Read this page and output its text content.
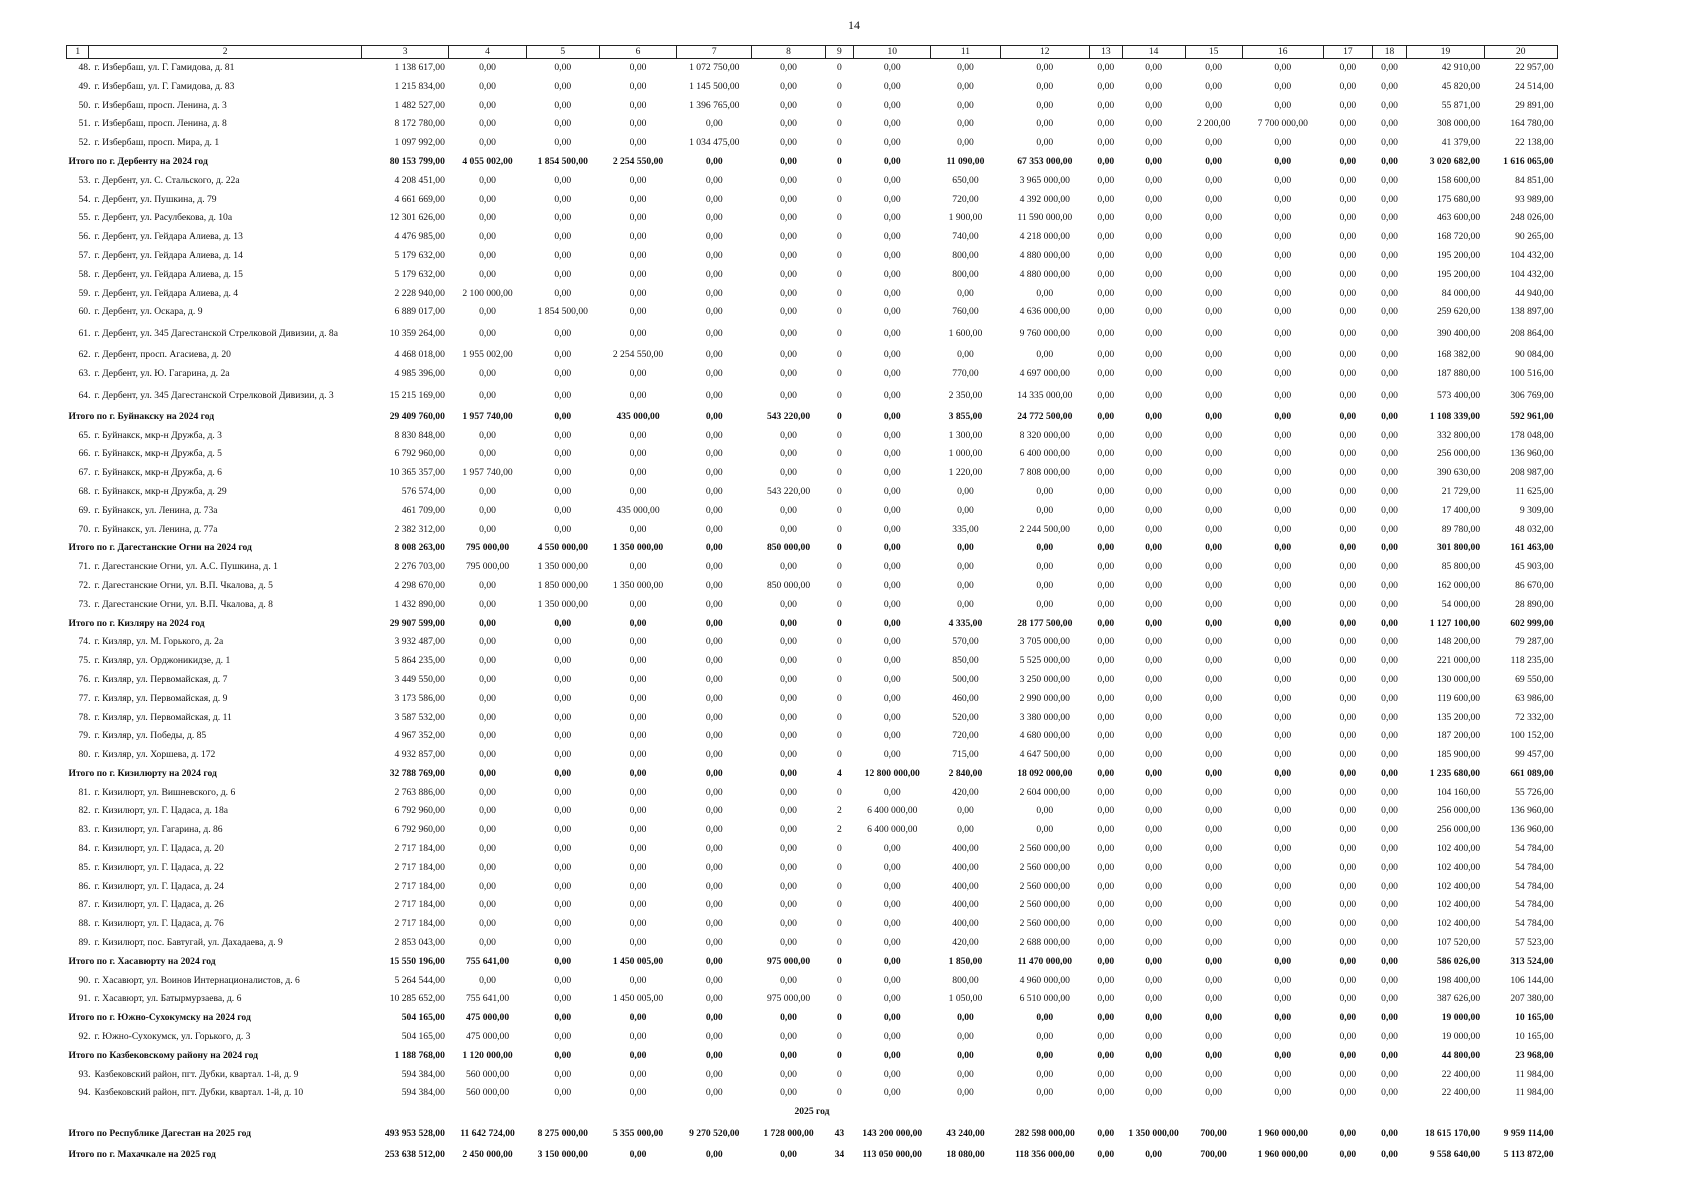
14
1	2	3	4	5	6	7	8	9	10	11	12	13	14	15	16	17	18	19	20
48. г. Избербаш, ул. Г. Гамидова, д. 81		1 138 617,00	0,00	0,00	0,00	1 072 750,00	0,00	0	0,00	0,00	0,00	0,00	0,00	0,00	0,00	0,00	0,00	42 910,00	22 957,00
49. г. Избербаш, ул. Г. Гамидова, д. 83		1 215 834,00	0,00	0,00	0,00	1 145 500,00	0,00	0	0,00	0,00	0,00	0,00	0,00	0,00	0,00	0,00	0,00	45 820,00	24 514,00
50. г. Избербаш, просп. Ленина, д. 3		1 482 527,00	0,00	0,00	0,00	1 396 765,00	0,00	0	0,00	0,00	0,00	0,00	0,00	0,00	0,00	0,00	0,00	55 871,00	29 891,00
51. г. Избербаш, просп. Ленина, д. 8		8 172 780,00	0,00	0,00	0,00	0,00	0,00	0	0,00	0,00	0,00	0,00	0,00	2 200,00	7 700 000,00	0,00	0,00	308 000,00	164 780,00
52. г. Избербаш, просп. Мира, д. 1		1 097 992,00	0,00	0,00	0,00	1 034 475,00	0,00	0	0,00	0,00	0,00	0,00	0,00	0,00	0,00	0,00	0,00	41 379,00	22 138,00
Итого по г. Дербенту на 2024 год		80 153 799,00	4 055 002,00	1 854 500,00	2 254 550,00	0,00	0,00	0	0,00	11 090,00	67 353 000,00	0,00	0,00	0,00	0,00	0,00	0,00	3 020 682,00	1 616 065,00
53. г. Дербент, ул. С. Стальского, д. 22а		4 208 451,00	0,00	0,00	0,00	0,00	0,00	0	0,00	650,00	3 965 000,00	0,00	0,00	0,00	0,00	0,00	0,00	158 600,00	84 851,00
54. г. Дербент, ул. Пушкина, д. 79		4 661 669,00	0,00	0,00	0,00	0,00	0,00	0	0,00	720,00	4 392 000,00	0,00	0,00	0,00	0,00	0,00	0,00	175 680,00	93 989,00
55. г. Дербент, ул. Расулбекова, д. 10а		12 301 626,00	0,00	0,00	0,00	0,00	0,00	0	0,00	1 900,00	11 590 000,00	0,00	0,00	0,00	0,00	0,00	0,00	463 600,00	248 026,00
56. г. Дербент, ул. Гейдара Алиева, д. 13		4 476 985,00	0,00	0,00	0,00	0,00	0,00	0	0,00	740,00	4 218 000,00	0,00	0,00	0,00	0,00	0,00	0,00	168 720,00	90 265,00
57. г. Дербент, ул. Гейдара Алиева, д. 14		5 179 632,00	0,00	0,00	0,00	0,00	0,00	0	0,00	800,00	4 880 000,00	0,00	0,00	0,00	0,00	0,00	0,00	195 200,00	104 432,00
58. г. Дербент, ул. Гейдара Алиева, д. 15		5 179 632,00	0,00	0,00	0,00	0,00	0,00	0	0,00	800,00	4 880 000,00	0,00	0,00	0,00	0,00	0,00	0,00	195 200,00	104 432,00
59. г. Дербент, ул. Гейдара Алиева, д. 4		2 228 940,00	2 100 000,00	0,00	0,00	0,00	0,00	0	0,00	0,00	0,00	0,00	0,00	0,00	0,00	0,00	0,00	84 000,00	44 940,00
60. г. Дербент, ул. Оскара, д. 9		6 889 017,00	0,00	1 854 500,00	0,00	0,00	0,00	0	0,00	760,00	4 636 000,00	0,00	0,00	0,00	0,00	0,00	0,00	259 620,00	138 897,00
61. г. Дербент, ул. 345 Дагестанской Стрелковой Дивизии, д. 8а		10 359 264,00	0,00	0,00	0,00	0,00	0,00	0	0,00	1 600,00	9 760 000,00	0,00	0,00	0,00	0,00	0,00	0,00	390 400,00	208 864,00
62. г. Дербент, просп. Агасиева, д. 20		4 468 018,00	1 955 002,00	0,00	2 254 550,00	0,00	0,00	0	0,00	0,00	0,00	0,00	0,00	0,00	0,00	0,00	0,00	168 382,00	90 084,00
63. г. Дербент, ул. Ю. Гагарина, д. 2а		4 985 396,00	0,00	0,00	0,00	0,00	0,00	0	0,00	770,00	4 697 000,00	0,00	0,00	0,00	0,00	0,00	0,00	187 880,00	100 516,00
64. г. Дербент, ул. 345 Дагестанской Стрелковой Дивизии, д. 3		15 215 169,00	0,00	0,00	0,00	0,00	0,00	0	0,00	2 350,00	14 335 000,00	0,00	0,00	0,00	0,00	0,00	0,00	573 400,00	306 769,00
Итого по г. Буйнакску на 2024 год		29 409 760,00	1 957 740,00	0,00	435 000,00	0,00	543 220,00	0	0,00	3 855,00	24 772 500,00	0,00	0,00	0,00	0,00	0,00	0,00	1 108 339,00	592 961,00
65. г. Буйнакск, мкр-н Дружба, д. 3		8 830 848,00	0,00	0,00	0,00	0,00	0,00	0	0,00	1 300,00	8 320 000,00	0,00	0,00	0,00	0,00	0,00	0,00	332 800,00	178 048,00
66. г. Буйнакск, мкр-н Дружба, д. 5		6 792 960,00	0,00	0,00	0,00	0,00	0,00	0	0,00	1 000,00	6 400 000,00	0,00	0,00	0,00	0,00	0,00	0,00	256 000,00	136 960,00
67. г. Буйнакск, мкр-н Дружба, д. 6		10 365 357,00	1 957 740,00	0,00	0,00	0,00	0,00	0	0,00	1 220,00	7 808 000,00	0,00	0,00	0,00	0,00	0,00	0,00	390 630,00	208 987,00
68. г. Буйнакск, мкр-н Дружба, д. 29		576 574,00	0,00	0,00	0,00	0,00	543 220,00	0	0,00	0,00	0,00	0,00	0,00	0,00	0,00	0,00	0,00	21 729,00	11 625,00
69. г. Буйнакск, ул. Ленина, д. 73а		461 709,00	0,00	0,00	435 000,00	0,00	0,00	0	0,00	0,00	0,00	0,00	0,00	0,00	0,00	0,00	0,00	17 400,00	9 309,00
70. г. Буйнакск, ул. Ленина, д. 77а		2 382 312,00	0,00	0,00	0,00	0,00	0,00	0	0,00	335,00	2 244 500,00	0,00	0,00	0,00	0,00	0,00	0,00	89 780,00	48 032,00
Итого по г. Дагестанские Огни на 2024 год		8 008 263,00	795 000,00	4 550 000,00	1 350 000,00	0,00	850 000,00	0	0,00	0,00	0,00	0,00	0,00	0,00	0,00	0,00	0,00	301 800,00	161 463,00
71. г. Дагестанские Огни, ул. А.С. Пушкина, д. 1		2 276 703,00	795 000,00	1 350 000,00	0,00	0,00	0,00	0	0,00	0,00	0,00	0,00	0,00	0,00	0,00	0,00	0,00	85 800,00	45 903,00
72. г. Дагестанские Огни, ул. В.П. Чкалова, д. 5		4 298 670,00	0,00	1 850 000,00	1 350 000,00	0,00	850 000,00	0	0,00	0,00	0,00	0,00	0,00	0,00	0,00	0,00	0,00	162 000,00	86 670,00
73. г. Дагестанские Огни, ул. В.П. Чкалова, д. 8		1 432 890,00	0,00	1 350 000,00	0,00	0,00	0,00	0	0,00	0,00	0,00	0,00	0,00	0,00	0,00	0,00	0,00	54 000,00	28 890,00
Итого по г. Кизляру на 2024 год		29 907 599,00	0,00	0,00	0,00	0,00	0,00	0	0,00	4 335,00	28 177 500,00	0,00	0,00	0,00	0,00	0,00	0,00	1 127 100,00	602 999,00
74. г. Кизляр, ул. М. Горького, д. 2а		3 932 487,00	0,00	0,00	0,00	0,00	0,00	0	0,00	570,00	3 705 000,00	0,00	0,00	0,00	0,00	0,00	0,00	148 200,00	79 287,00
75. г. Кизляр, ул. Орджоникидзе, д. 1		5 864 235,00	0,00	0,00	0,00	0,00	0,00	0	0,00	850,00	5 525 000,00	0,00	0,00	0,00	0,00	0,00	0,00	221 000,00	118 235,00
76. г. Кизляр, ул. Первомайская, д. 7		3 449 550,00	0,00	0,00	0,00	0,00	0,00	0	0,00	500,00	3 250 000,00	0,00	0,00	0,00	0,00	0,00	0,00	130 000,00	69 550,00
77. г. Кизляр, ул. Первомайская, д. 9		3 173 586,00	0,00	0,00	0,00	0,00	0,00	0	0,00	460,00	2 990 000,00	0,00	0,00	0,00	0,00	0,00	0,00	119 600,00	63 986,00
78. г. Кизляр, ул. Первомайская, д. 11		3 587 532,00	0,00	0,00	0,00	0,00	0,00	0	0,00	520,00	3 380 000,00	0,00	0,00	0,00	0,00	0,00	0,00	135 200,00	72 332,00
79. г. Кизляр, ул. Победы, д. 85		4 967 352,00	0,00	0,00	0,00	0,00	0,00	0	0,00	720,00	4 680 000,00	0,00	0,00	0,00	0,00	0,00	0,00	187 200,00	100 152,00
80. г. Кизляр, ул. Хоршева, д. 172		4 932 857,00	0,00	0,00	0,00	0,00	0,00	0	0,00	715,00	4 647 500,00	0,00	0,00	0,00	0,00	0,00	0,00	185 900,00	99 457,00
Итого по г. Кизилюрту на 2024 год		32 788 769,00	0,00	0,00	0,00	0,00	0,00	4	12 800 000,00	2 840,00	18 092 000,00	0,00	0,00	0,00	0,00	0,00	0,00	1 235 680,00	661 089,00
81. г. Кизилюрт, ул. Вишневского, д. 6		2 763 886,00	0,00	0,00	0,00	0,00	0,00	0	0,00	420,00	2 604 000,00	0,00	0,00	0,00	0,00	0,00	0,00	104 160,00	55 726,00
82. г. Кизилюрт, ул. Г. Цадаса, д. 18а		6 792 960,00	0,00	0,00	0,00	0,00	0,00	2	6 400 000,00	0,00	0,00	0,00	0,00	0,00	0,00	0,00	0,00	256 000,00	136 960,00
83. г. Кизилюрт, ул. Гагарина, д. 86		6 792 960,00	0,00	0,00	0,00	0,00	0,00	2	6 400 000,00	0,00	0,00	0,00	0,00	0,00	0,00	0,00	0,00	256 000,00	136 960,00
84. г. Кизилюрт, ул. Г. Цадаса, д. 20		2 717 184,00	0,00	0,00	0,00	0,00	0,00	0	0,00	400,00	2 560 000,00	0,00	0,00	0,00	0,00	0,00	0,00	102 400,00	54 784,00
85. г. Кизилюрт, ул. Г. Цадаса, д. 22		2 717 184,00	0,00	0,00	0,00	0,00	0,00	0	0,00	400,00	2 560 000,00	0,00	0,00	0,00	0,00	0,00	0,00	102 400,00	54 784,00
86. г. Кизилюрт, ул. Г. Цадаса, д. 24		2 717 184,00	0,00	0,00	0,00	0,00	0,00	0	0,00	400,00	2 560 000,00	0,00	0,00	0,00	0,00	0,00	0,00	102 400,00	54 784,00
87. г. Кизилюрт, ул. Г. Цадаса, д. 26		2 717 184,00	0,00	0,00	0,00	0,00	0,00	0	0,00	400,00	2 560 000,00	0,00	0,00	0,00	0,00	0,00	0,00	102 400,00	54 784,00
88. г. Кизилюрт, ул. Г. Цадаса, д. 76		2 717 184,00	0,00	0,00	0,00	0,00	0,00	0	0,00	400,00	2 560 000,00	0,00	0,00	0,00	0,00	0,00	0,00	102 400,00	54 784,00
89. г. Кизилюрт, пос. Бавтугай, ул. Дахадаева, д. 9		2 853 043,00	0,00	0,00	0,00	0,00	0,00	0	0,00	420,00	2 688 000,00	0,00	0,00	0,00	0,00	0,00	0,00	107 520,00	57 523,00
Итого по г. Хасавюрту на 2024 год		15 550 196,00	755 641,00	0,00	1 450 005,00	0,00	975 000,00	0	0,00	1 850,00	11 470 000,00	0,00	0,00	0,00	0,00	0,00	0,00	586 026,00	313 524,00
90. г. Хасавюрт, ул. Воинов Интернационалистов, д. 6		5 264 544,00	0,00	0,00	0,00	0,00	0,00	0	0,00	800,00	4 960 000,00	0,00	0,00	0,00	0,00	0,00	0,00	198 400,00	106 144,00
91. г. Хасавюрт, ул. Батырмурзаева, д. 6		10 285 652,00	755 641,00	0,00	1 450 005,00	0,00	975 000,00	0	0,00	1 050,00	6 510 000,00	0,00	0,00	0,00	0,00	0,00	0,00	387 626,00	207 380,00
Итого по г. Южно-Сухокумску на 2024 год		504 165,00	475 000,00	0,00	0,00	0,00	0,00	0	0,00	0,00	0,00	0,00	0,00	0,00	0,00	0,00	0,00	19 000,00	10 165,00
92. г. Южно-Сухокумск, ул. Горького, д. 3		504 165,00	475 000,00	0,00	0,00	0,00	0,00	0	0,00	0,00	0,00	0,00	0,00	0,00	0,00	0,00	0,00	19 000,00	10 165,00
Итого по Казбековскому району на 2024 год		1 188 768,00	1 120 000,00	0,00	0,00	0,00	0,00	0	0,00	0,00	0,00	0,00	0,00	0,00	0,00	0,00	0,00	44 800,00	23 968,00
93. Казбековский район, пгт. Дубки, квартал. 1-й, д. 9		594 384,00	560 000,00	0,00	0,00	0,00	0,00	0	0,00	0,00	0,00	0,00	0,00	0,00	0,00	0,00	0,00	22 400,00	11 984,00
94. Казбековский район, пгт. Дубки, квартал. 1-й, д. 10		594 384,00	560 000,00	0,00	0,00	0,00	0,00	0	0,00	0,00	0,00	0,00	0,00	0,00	0,00	0,00	0,00	22 400,00	11 984,00
2025 год																			
Итого по Республике Дагестан на 2025 год		493 953 528,00	11 642 724,00	8 275 000,00	5 355 000,00	9 270 520,00	1 728 000,00	43	143 200 000,00	43 240,00	282 598 000,00	0,00	1 350 000,00	700,00	1 960 000,00	0,00	0,00	18 615 170,00	9 959 114,00
Итого по г. Махачкале на 2025 год		253 638 512,00	2 450 000,00	3 150 000,00	0,00	0,00	0,00	34	113 050 000,00	18 080,00	118 356 000,00	0,00	0,00	700,00	1 960 000,00	0,00	0,00	9 558 640,00	5 113 872,00
